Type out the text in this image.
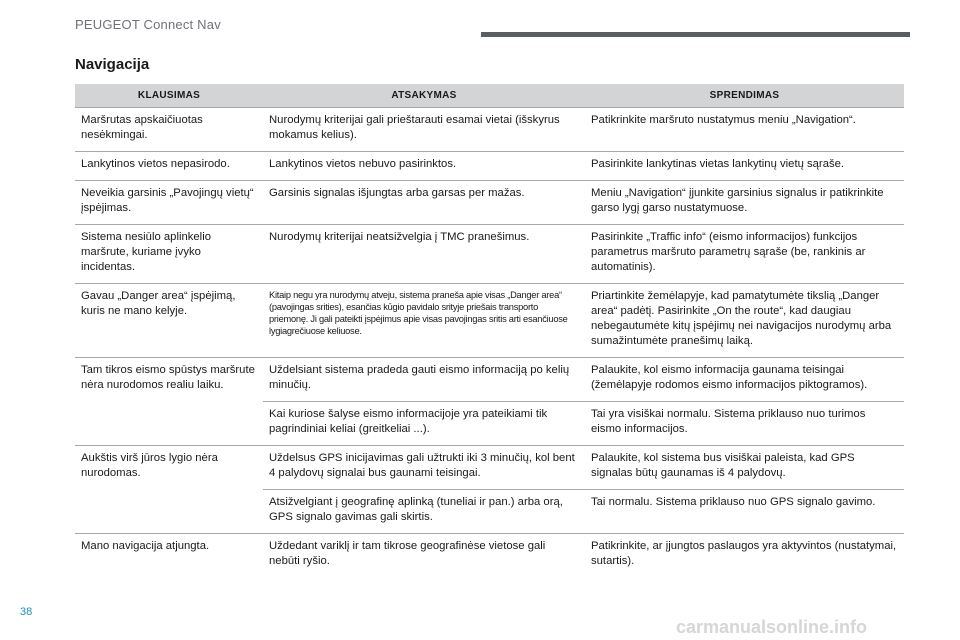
PEUGEOT Connect Nav
Navigacija
KLAUSIMAS	ATSAKYMAS	SPRENDIMAS
Maršrutas apskaičiuotas nesėkmingai.	Nurodymų kriterijai gali prieštarauti esamai vietai (išskyrus mokamus kelius).	Patikrinkite maršruto nustatymus meniu „Navigation“.
Lankytinos vietos nepasirodo.	Lankytinos vietos nebuvo pasirinktos.	Pasirinkite lankytinas vietas lankytinų vietų sąraše.
Neveikia garsinis „Pavojingų vietų“ įspėjimas.	Garsinis signalas išjungtas arba garsas per mažas.	Meniu „Navigation“ įjunkite garsinius signalus ir patikrinkite garso lygį garso nustatymuose.
Sistema nesiūlo aplinkelio maršrute, kuriame įvyko incidentas.	Nurodymų kriterijai neatsižvelgia į TMC pranešimus.	Pasirinkite „Traffic info“ (eismo informacijos) funkcijos parametrus maršruto parametrų sąraše (be, rankinis ar automatinis).
Gavau „Danger area“ įspėjimą, kuris ne mano kelyje.	Kitaip negu yra nurodymų atveju, sistema praneša apie visas „Danger area“ (pavojingas srities), esančias kūgio pavidalo srityje priešais transporto priemonę. Ji gali pateikti įspėjimus apie visas pavojingas sritis arti esančiuose lygiagrečiuose keliuose.	Priartinkite žemėlapyje, kad pamatytumėte tikslią „Danger area“ padėtį. Pasirinkite „On the route“, kad daugiau nebegautumėte kitų įspėjimų nei navigacijos nurodymų arba sumažintumėte pranešimų laiką.
Tam tikros eismo spūstys maršrute nėra nurodomos realiu laiku.	Uždelsiant sistema pradeda gauti eismo informaciją po kelių minučių.	Palaukite, kol eismo informacija gaunama teisingai (žemėlapyje rodomos eismo informacijos piktogramos).
	Kai kuriose šalyse eismo informacijoje yra pateikiami tik pagrindiniai keliai (greitkeliai ...).	Tai yra visiškai normalu. Sistema priklauso nuo turimos eismo informacijos.
Aukštis virš jūros lygio nėra nurodomas.	Uždelsus GPS inicijavimas gali užtrukti iki 3 minučių, kol bent 4 palydovų signalai bus gaunami teisingai.	Palaukite, kol sistema bus visiškai paleista, kad GPS signalas būtų gaunamas iš 4 palydovų.
	Atsižvelgiant į geografinę aplinką (tuneliai ir pan.) arba orą, GPS signalo gavimas gali skirtis.	Tai normalu. Sistema priklauso nuo GPS signalo gavimo.
Mano navigacija atjungta.	Uždedant variklį ir tam tikrose geografinėse vietose gali nebūti ryšio.	Patikrinkite, ar įjungtos paslaugos yra aktyvintos (nustatymai, sutartis).
38
carmanualsonline.info
